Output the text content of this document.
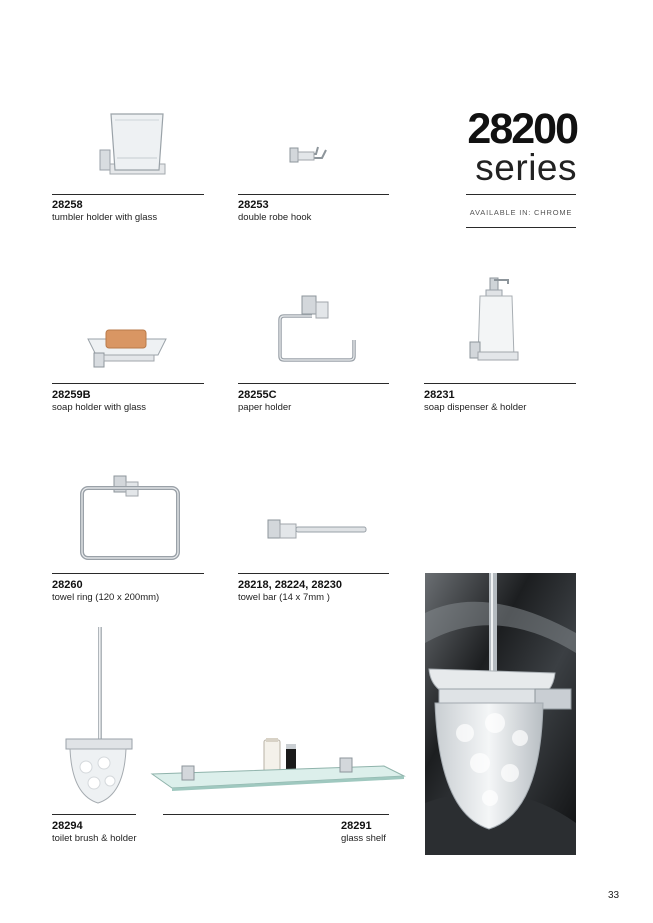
28200
series
AVAILABLE IN: CHROME
28258
tumbler holder with glass
28253
double robe hook
28259B
soap holder with glass
28255C
paper holder
28231
soap dispenser & holder
28260
towel ring (120 x 200mm)
28218, 28224, 28230
towel bar (14 x 7mm )
28294
toilet brush & holder
28291
glass shelf
33
